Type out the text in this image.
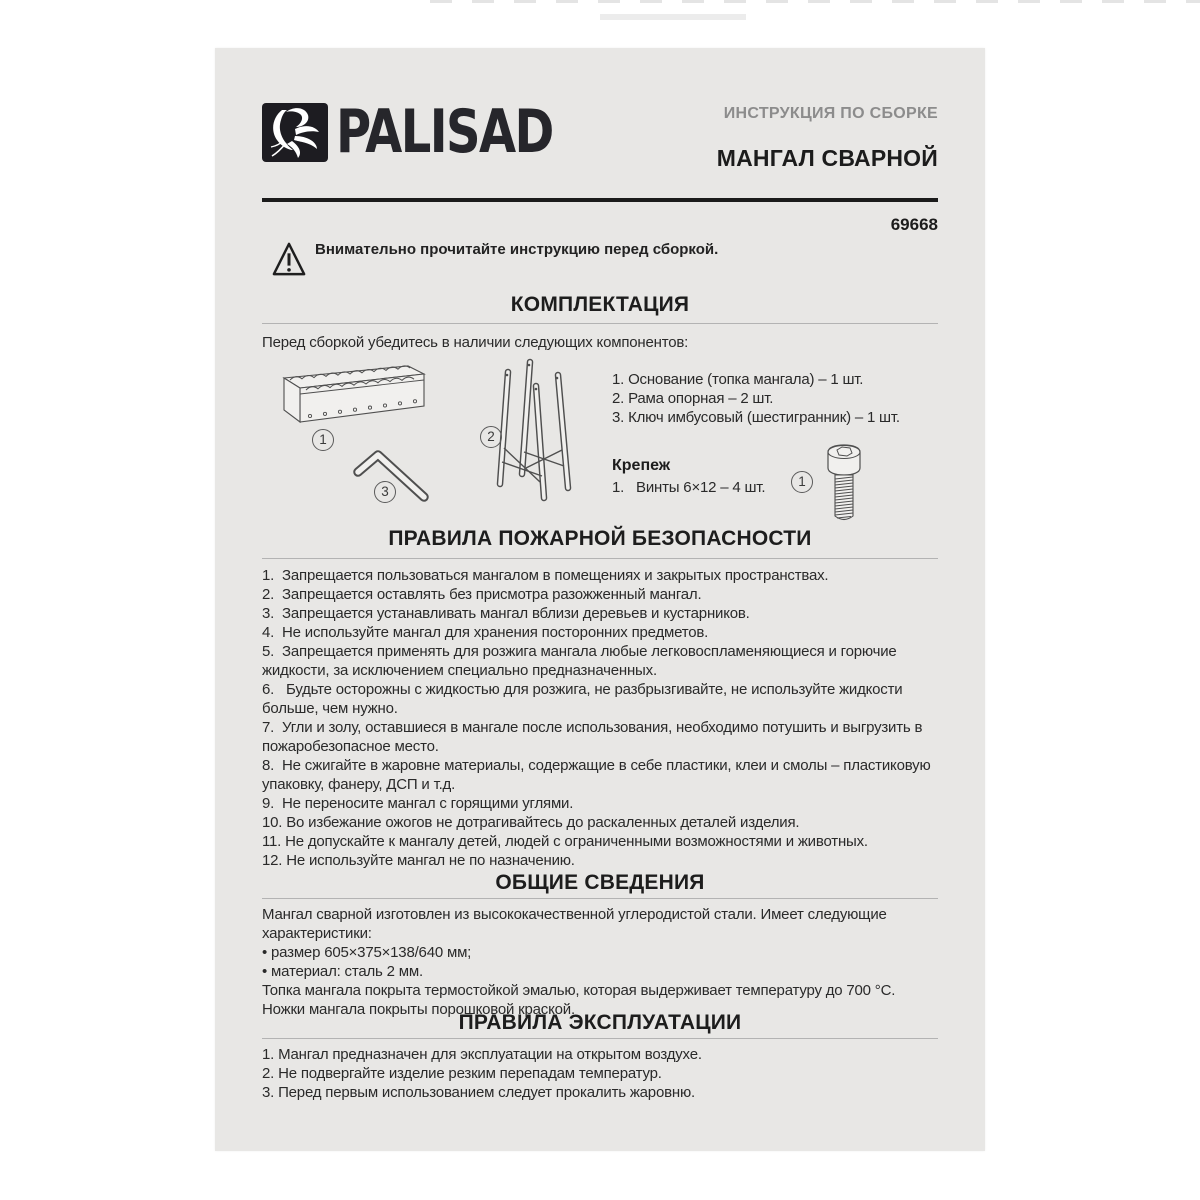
PALISAD	ИНСТРУКЦИЯ ПО СБОРКЕ
МАНГАЛ СВАРНОЙ
69668
Внимательно прочитайте инструкцию перед сборкой.
КОМПЛЕКТАЦИЯ

Перед сборкой убедитесь в наличии следующих компонентов:

1
3
2

1. Основание (топка мангала) – 1 шт.

2. Рама опорная – 2 шт.

3. Ключ имбусовый (шестигранник) – 1 шт.

Крепеж

1.   Винты 6×12 – 4 шт.	1
ПРАВИЛА ПОЖАРНОЙ БЕЗОПАСНОСТИ

1.  Запрещается пользоваться мангалом в помещениях и закрытых пространствах.

2.  Запрещается оставлять без присмотра разожженный мангал.

3.  Запрещается устанавливать мангал вблизи деревьев и кустарников.

4.  Не используйте мангал для хранения посторонних предметов.

5.  Запрещается применять для розжига мангала любые легковоспламеняющиеся и горючие жидкости, за исключением специально предназначенных.

6.   Будьте осторожны с жидкостью для розжига, не разбрызгивайте, не используйте жидкости больше, чем нужно.

7.  Угли и золу, оставшиеся в мангале после использования, необходимо потушить и выгрузить в пожаробезопасное место.

8.  Не сжигайте в жаровне материалы, содержащие в себе пластики, клеи и смолы – пластиковую упаковку, фанеру, ДСП и т.д.

9.  Не переносите мангал с горящими углями.

10. Во избежание ожогов не дотрагивайтесь до раскаленных деталей изделия.

11. Не допускайте к мангалу детей, людей с ограниченными возможностями и животных.

12. Не используйте мангал не по назначению.

ОБЩИЕ СВЕДЕНИЯ

Мангал сварной изготовлен из высококачественной углеродистой стали. Имеет следующие характеристики:

• размер 605×375×138/640 мм;

• материал: сталь 2 мм.

Топка мангала покрыта термостойкой эмалью, которая выдерживает температуру до 700 °С. Ножки мангала покрыты порошковой краской.

ПРАВИЛА ЭКСПЛУАТАЦИИ

1. Мангал предназначен для эксплуатации на открытом воздухе.

2. Не подвергайте изделие резким перепадам температур.

3. Перед первым использованием следует прокалить жаровню.
